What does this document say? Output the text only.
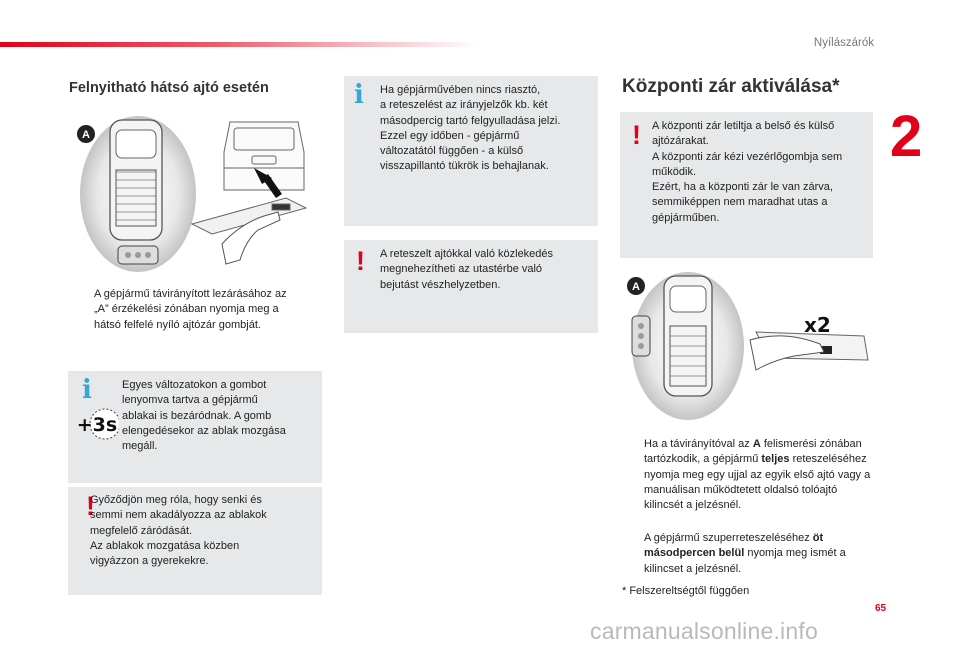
Nyílászárók
2
Felnyitható hátsó ajtó esetén
A
A gépjármű távirányított lezárásához az
„A” érzékelési zónában nyomja meg a
hátsó felfelé nyíló ajtózár gombját.
i	Egyes változatokon a gombot

lenyomva tartva a gépjármű

ablakai is bezáródnak. A gomb

elengedésekor az ablak mozgása

megáll.

+3s
!

Győződjön meg róla, hogy senki és

semmi nem akadályozza az ablakok

megfelelő záródását.

Az ablakok mozgatása közben

vigyázzon a gyerekekre.

i Ha gépjárművében nincs riasztó,

a reteszelést az irányjelzők kb. két

másodpercig tartó felgyulladása jelzi.

Ezzel egy időben - gépjármű

változatától függően - a külső

visszapillantó tükrök is behajlanak.

! A reteszelt ajtókkal való közlekedés

megnehezítheti az utastérbe való

bejutást vészhelyzetben.

Központi zár aktiválása*
! A központi zár letiltja a belső és külső

ajtózárakat.

A központi zár kézi vezérlőgombja sem

működik.

Ezért, ha a központi zár le van zárva,

semmiképpen nem maradhat utas a

gépjárműben.

A
x2
Ha a távirányítóval az A felismerési zónában tartózkodik, a gépjármű teljes reteszeléséhez nyomja meg egy ujjal az egyik első ajtó vagy a manuálisan működtetett oldalsó tolóajtó kilincsét a jelzésnél.
A gépjármű szuperreteszeléséhez öt másodpercen belül nyomja meg ismét a kilincset a jelzésnél.
* Felszereltségtől függően
65
carmanualsonline.info
